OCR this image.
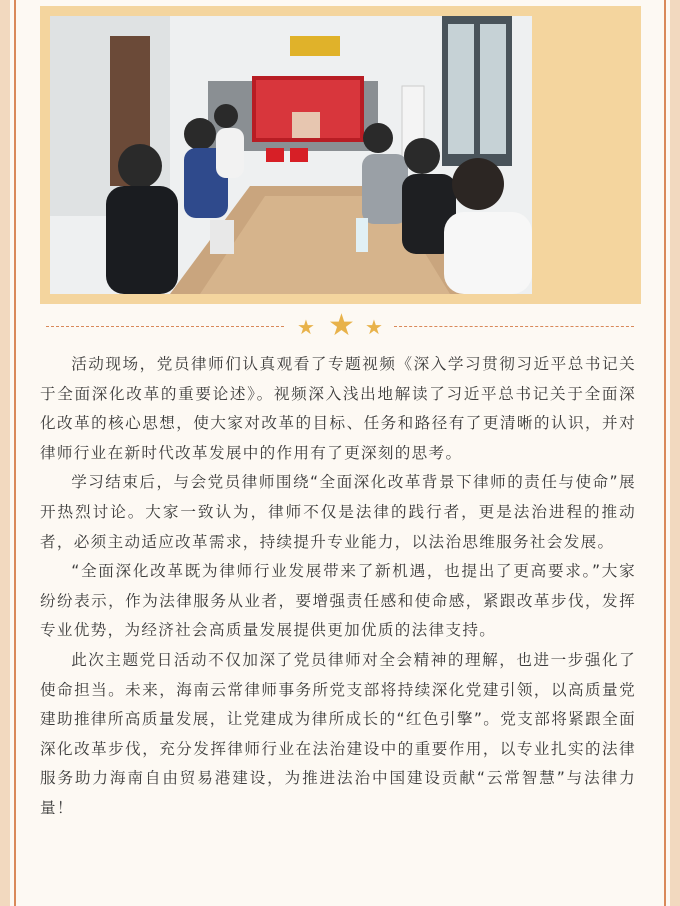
★ ★ ★

活动现场，党员律师们认真观看了专题视频《深入学习贯彻习近平总书记关于全面深化改革的重要论述》。视频深入浅出地解读了习近平总书记关于全面深化改革的核心思想，使大家对改革的目标、任务和路径有了更清晰的认识，并对律师行业在新时代改革发展中的作用有了更深刻的思考。

学习结束后，与会党员律师围绕“全面深化改革背景下律师的责任与使命”展开热烈讨论。大家一致认为，律师不仅是法律的践行者，更是法治进程的推动者，必须主动适应改革需求，持续提升专业能力，以法治思维服务社会发展。

“全面深化改革既为律师行业发展带来了新机遇，也提出了更高要求。”大家纷纷表示，作为法律服务从业者，要增强责任感和使命感，紧跟改革步伐，发挥专业优势，为经济社会高质量发展提供更加优质的法律支持。

此次主题党日活动不仅加深了党员律师对全会精神的理解，也进一步强化了使命担当。未来，海南云常律师事务所党支部将持续深化党建引领，以高质量党建助推律所高质量发展，让党建成为律所成长的“红色引擎”。党支部将紧跟全面深化改革步伐，充分发挥律师行业在法治建设中的重要作用，以专业扎实的法律服务助力海南自由贸易港建设，为推进法治中国建设贡献“云常智慧”与法律力量！
